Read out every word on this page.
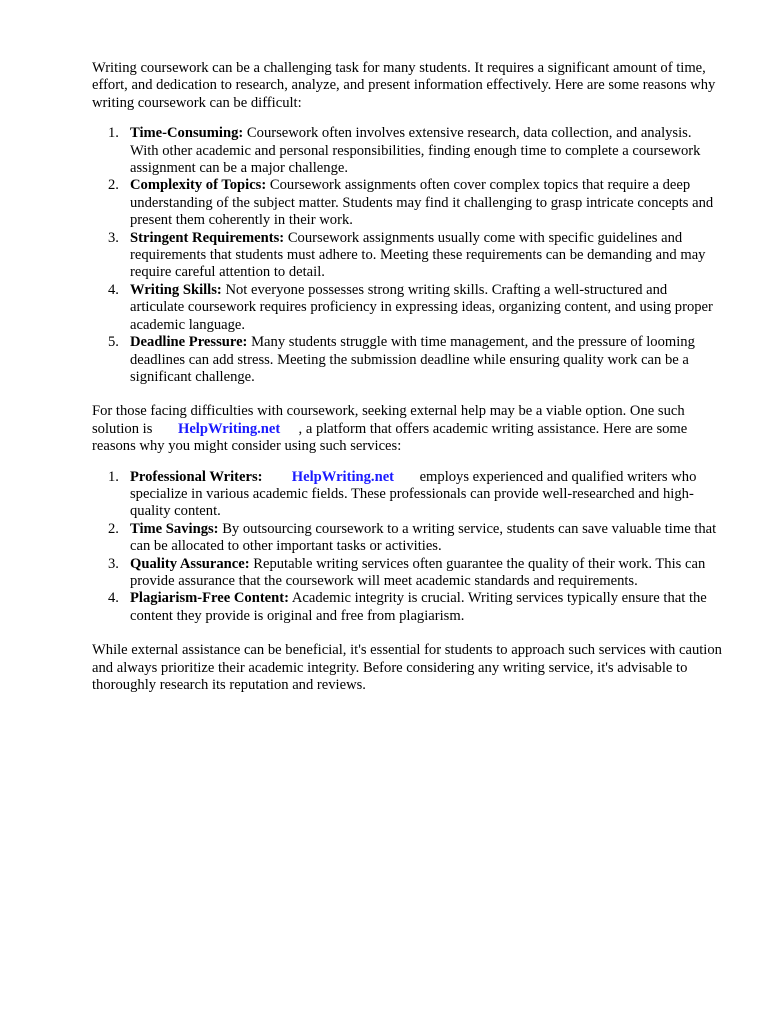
Writing coursework can be a challenging task for many students. It requires a significant amount of time, effort, and dedication to research, analyze, and present information effectively. Here are some reasons why writing coursework can be difficult:

1. Time-Consuming: Coursework often involves extensive research, data collection, and analysis. With other academic and personal responsibilities, finding enough time to complete a coursework assignment can be a major challenge.
2. Complexity of Topics: Coursework assignments often cover complex topics that require a deep understanding of the subject matter. Students may find it challenging to grasp intricate concepts and present them coherently in their work.
3. Stringent Requirements: Coursework assignments usually come with specific guidelines and requirements that students must adhere to. Meeting these requirements can be demanding and may require careful attention to detail.
4. Writing Skills: Not everyone possesses strong writing skills. Crafting a well-structured and articulate coursework requires proficiency in expressing ideas, organizing content, and using proper academic language.
5. Deadline Pressure: Many students struggle with time management, and the pressure of looming deadlines can add stress. Meeting the submission deadline while ensuring quality work can be a significant challenge.

For those facing difficulties with coursework, seeking external help may be a viable option. One such solution is HelpWriting.net , a platform that offers academic writing assistance. Here are some reasons why you might consider using such services:

1. Professional Writers: HelpWriting.net employs experienced and qualified writers who specialize in various academic fields. These professionals can provide well-researched and high-quality content.
2. Time Savings: By outsourcing coursework to a writing service, students can save valuable time that can be allocated to other important tasks or activities.
3. Quality Assurance: Reputable writing services often guarantee the quality of their work. This can provide assurance that the coursework will meet academic standards and requirements.
4. Plagiarism-Free Content: Academic integrity is crucial. Writing services typically ensure that the content they provide is original and free from plagiarism.

While external assistance can be beneficial, it's essential for students to approach such services with caution and always prioritize their academic integrity. Before considering any writing service, it's advisable to thoroughly research its reputation and reviews.
